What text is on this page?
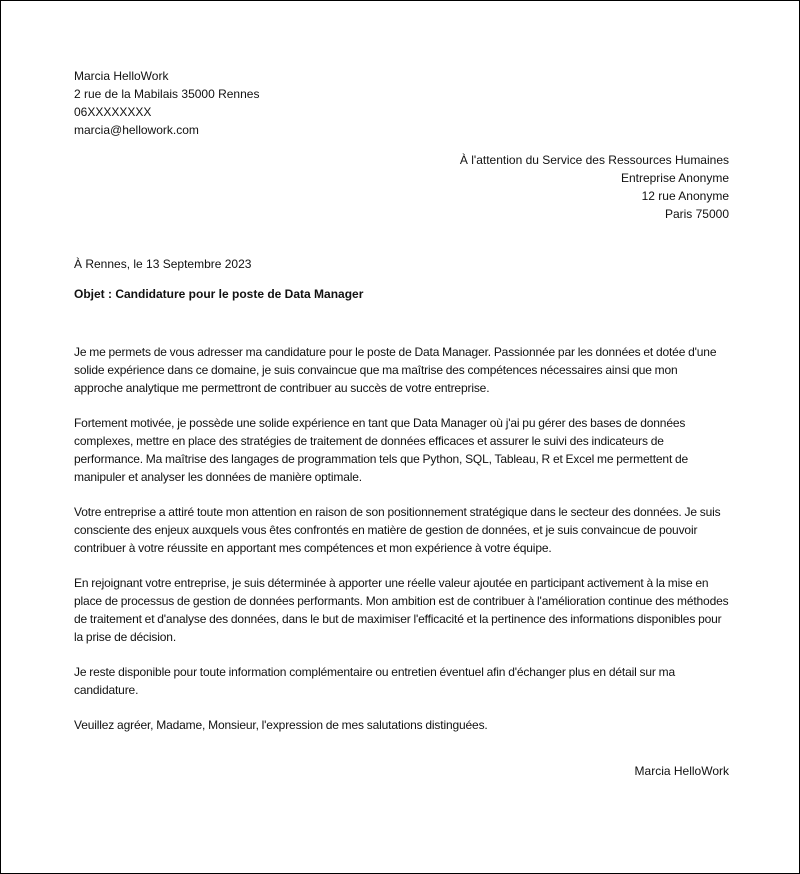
Marcia HelloWork
2 rue de la Mabilais 35000 Rennes
06XXXXXXXX
marcia@hellowork.com
À l'attention du Service des Ressources Humaines
Entreprise Anonyme
12 rue Anonyme
Paris 75000
À Rennes, le 13 Septembre 2023
Objet : Candidature pour le poste de Data Manager

Je me permets de vous adresser ma candidature pour le poste de Data Manager. Passionnée par les données et dotée d'une solide expérience dans ce domaine, je suis convaincue que ma maîtrise des compétences nécessaires ainsi que mon approche analytique me permettront de contribuer au succès de votre entreprise.

Fortement motivée, je possède une solide expérience en tant que Data Manager où j'ai pu gérer des bases de données complexes, mettre en place des stratégies de traitement de données efficaces et assurer le suivi des indicateurs de performance. Ma maîtrise des langages de programmation tels que Python, SQL, Tableau, R et Excel me permettent de manipuler et analyser les données de manière optimale.

Votre entreprise a attiré toute mon attention en raison de son positionnement stratégique dans le secteur des données. Je suis consciente des enjeux auxquels vous êtes confrontés en matière de gestion de données, et je suis convaincue de pouvoir contribuer à votre réussite en apportant mes compétences et mon expérience à votre équipe.

En rejoignant votre entreprise, je suis déterminée à apporter une réelle valeur ajoutée en participant activement à la mise en place de processus de gestion de données performants. Mon ambition est de contribuer à l'amélioration continue des méthodes de traitement et d'analyse des données, dans le but de maximiser l'efficacité et la pertinence des informations disponibles pour la prise de décision.

Je reste disponible pour toute information complémentaire ou entretien éventuel afin d'échanger plus en détail sur ma candidature.

Veuillez agréer, Madame, Monsieur, l'expression de mes salutations distinguées.

Marcia HelloWork
